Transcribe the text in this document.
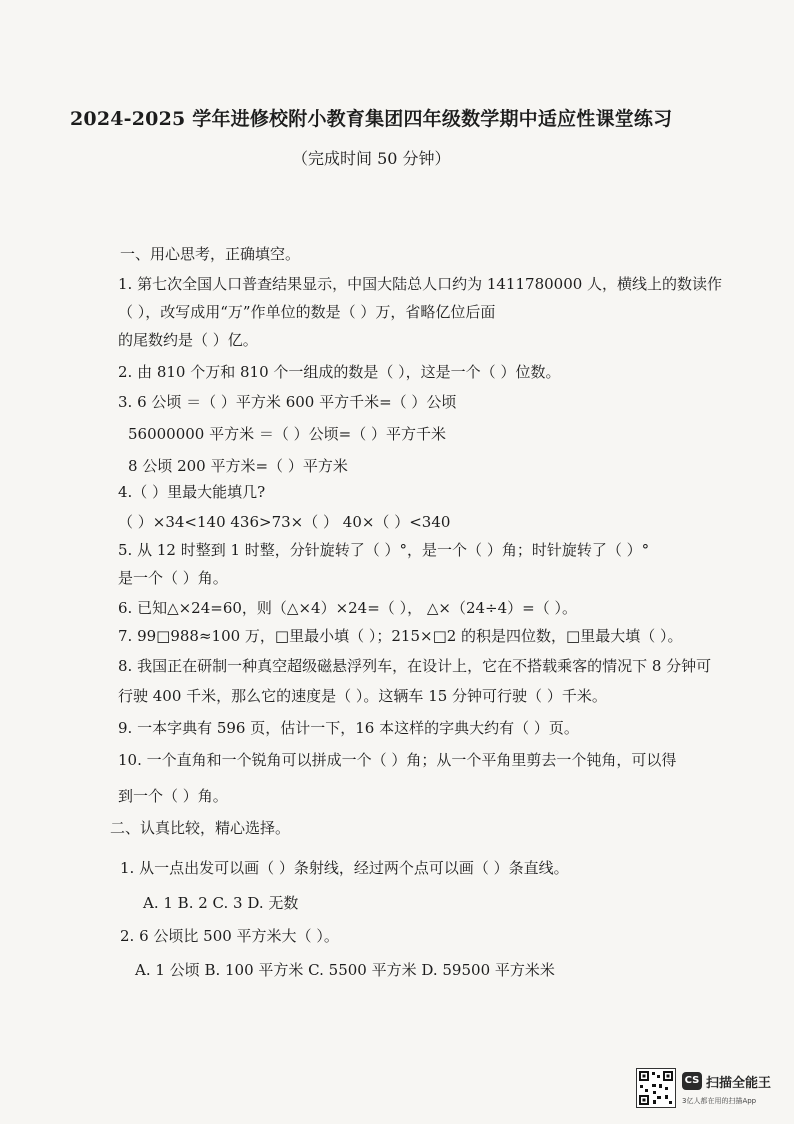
2024-2025 学年进修校附小教育集团四年级数学期中适应性课堂练习
（完成时间 50 分钟）
一、用心思考，正确填空。
1. 第七次全国人口普查结果显示，中国大陆总人口约为 1411780000 人，横线上的数读作
（ ），改写成用“万”作单位的数是（ ）万，省略亿位后面
的尾数约是（ ）亿。
2. 由 810 个万和 810 个一组成的数是（ ），这是一个（ ）位数。
3. 6 公顷 ＝（ ）平方米 600 平方千米=（ ）公顷
56000000 平方米 ＝（ ）公顷=（ ）平方千米
8 公顷 200 平方米=（ ）平方米
4.（ ）里最大能填几?
（ ）×34<140 436>73×（ ） 40×（ ）<340
5. 从 12 时整到 1 时整，分针旋转了（ ）°，是一个（ ）角；时针旋转了（ ）°
是一个（ ）角。
6. 已知△×24=60，则（△×4）×24=（ ）， △×（24÷4）=（ ）。
7. 99□988≈100 万，□里最小填（ ）；215×□2 的积是四位数，□里最大填（ ）。
8. 我国正在研制一种真空超级磁悬浮列车，在设计上，它在不搭载乘客的情况下 8 分钟可
行驶 400 千米，那么它的速度是（ ）。这辆车 15 分钟可行驶（ ）千米。
9. 一本字典有 596 页，估计一下，16 本这样的字典大约有（ ）页。
10. 一个直角和一个锐角可以拼成一个（ ）角；从一个平角里剪去一个钝角，可以得
到一个（ ）角。
二、认真比较，精心选择。
1. 从一点出发可以画（ ）条射线，经过两个点可以画（ ）条直线。
A. 1 B. 2 C. 3 D. 无数
2. 6 公顷比 500 平方米大（ ）。
A. 1 公顷 B. 100 平方米 C. 5500 平方米 D. 59500 平方米米
CS 扫描全能王
3亿人都在用的扫描App
